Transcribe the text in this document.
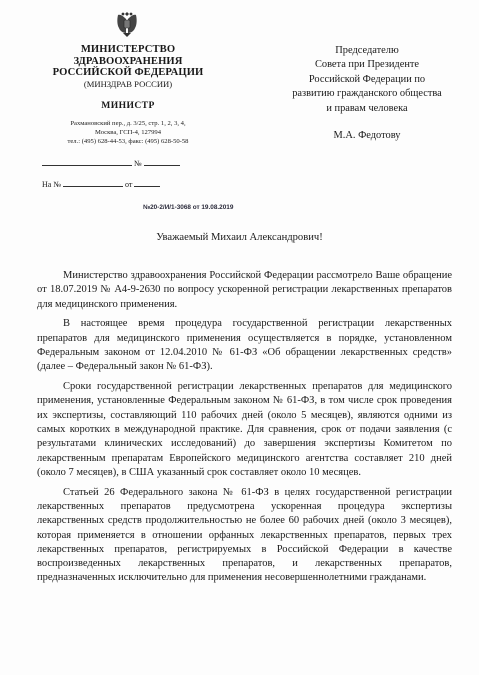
МИНИСТЕРСТВО
ЗДРАВООХРАНЕНИЯ
РОССИЙСКОЙ ФЕДЕРАЦИИ
(МИНЗДРАВ РОССИИ)
МИНИСТР
Рахмановский пер., д. 3/25, стр. 1, 2, 3, 4,
Москва, ГСП-4, 127994
тел.: (495) 628-44-53, факс: (495) 628-50-58
№
На №	от
№20-2/И/1-3068 от 19.08.2019
Председателю
Совета при Президенте
Российской Федерации по
развитию гражданского общества
и правам человека
М.А. Федотову
Уважаемый Михаил Александрович!

Министерство здравоохранения Российской Федерации рассмотрело Ваше обращение от 18.07.2019 № А4-9-2630 по вопросу ускоренной регистрации лекарственных препаратов для медицинского применения.

В настоящее время процедура государственной регистрации лекарственных препаратов для медицинского применения осуществляется в порядке, установленном Федеральным законом от 12.04.2010 № 61-ФЗ «Об обращении лекарственных средств» (далее – Федеральный закон № 61-ФЗ).

Сроки государственной регистрации лекарственных препаратов для медицинского применения, установленные Федеральным законом № 61-ФЗ, в том числе срок проведения их экспертизы, составляющий 110 рабочих дней (около 5 месяцев), являются одними из самых коротких в международной практике. Для сравнения, срок от подачи заявления (с результатами клинических исследований) до завершения экспертизы Комитетом по лекарственным препаратам Европейского медицинского агентства составляет 210 дней (около 7 месяцев), в США указанный срок составляет около 10 месяцев.

Статьей 26 Федерального закона № 61-ФЗ в целях государственной регистрации лекарственных препаратов предусмотрена ускоренная процедура экспертизы лекарственных средств продолжительностью не более 60 рабочих дней (около 3 месяцев), которая применяется в отношении орфанных лекарственных препаратов, первых трех лекарственных препаратов, регистрируемых в Российской Федерации в качестве воспроизведенных лекарственных препаратов, и лекарственных препаратов, предназначенных исключительно для применения несовершеннолетними гражданами.
